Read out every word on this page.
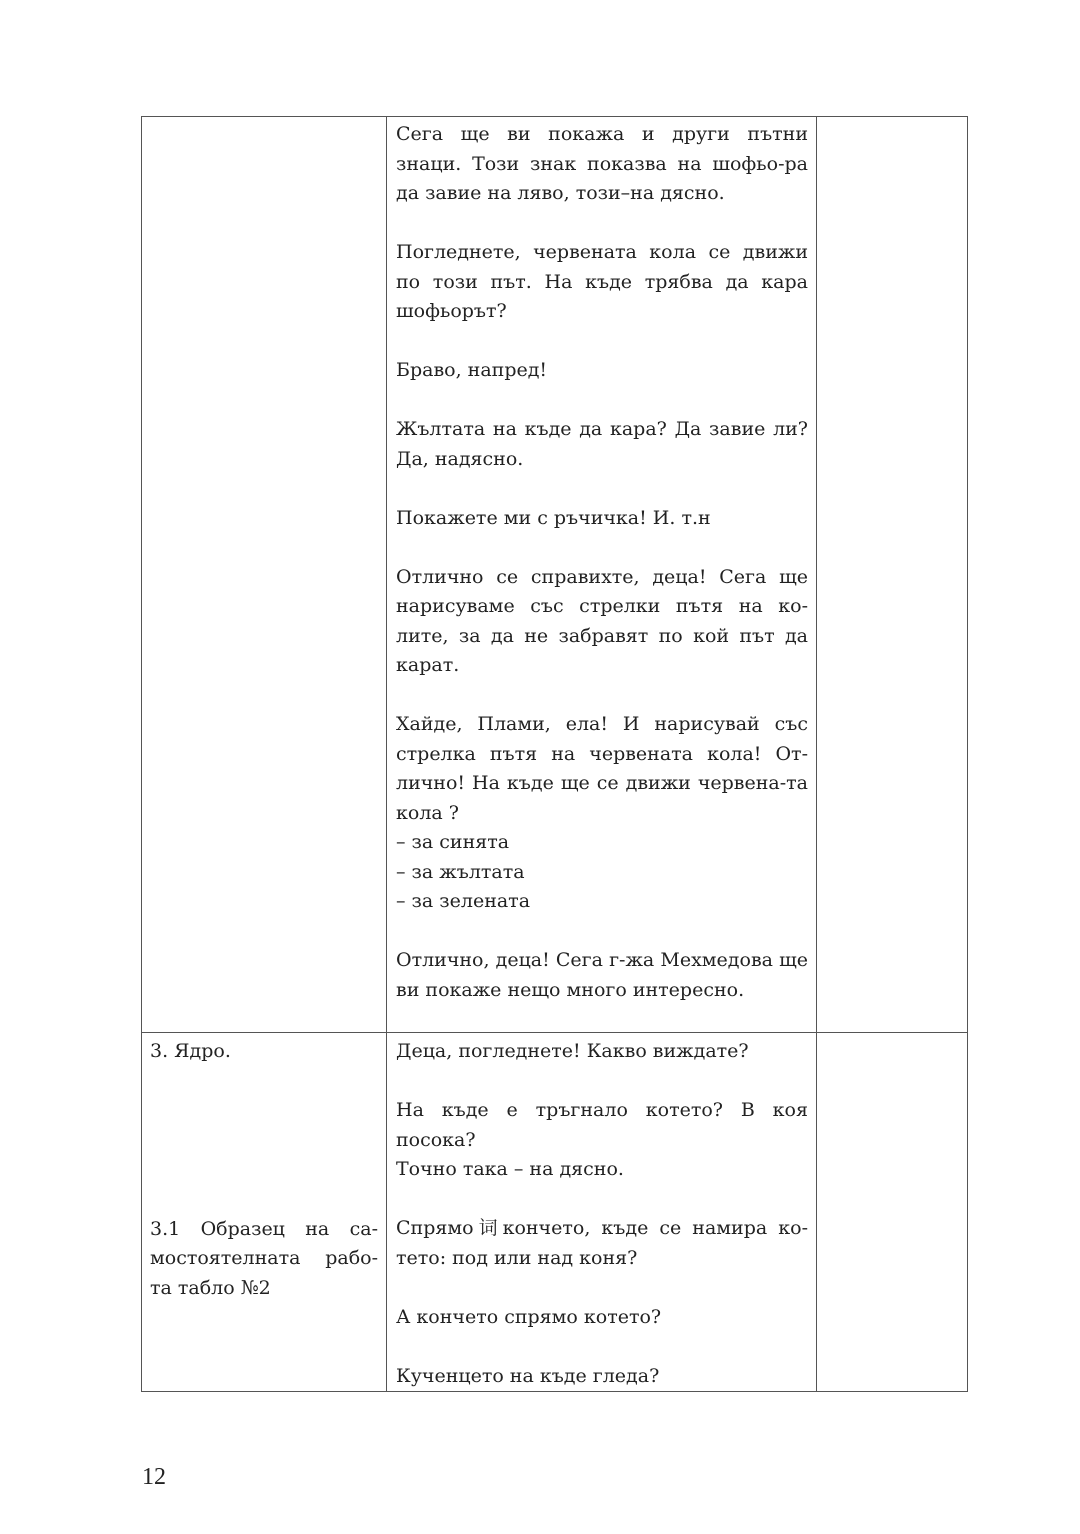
Сега ще ви покажа и други пътни знаци. Този знак показва на шофьо-ра да завие на ляво, този–на дясно.

Погледнете, червената кола се движи по този път. На къде трябва да кара шофьорът?

Браво, напред!

Жълтата на къде да кара? Да завие ли? Да, надясно.

Покажете ми с ръчичка! И. т.н

Отлично се справихте, деца! Сега ще нарисуваме със стрелки пътя на ко-лите, за да не забравят по кой път да карат.

Хайде, Плами, ела! И нарисувай със стрелка пътя на червената кола! От-лично! На къде ще се движи червена-та кола ?

– за синята

– за жълтата

– за зелената

Отлично, деца! Сега г-жа Мехмедова ще ви покаже нещо много интересно.

3. Ядро.

3.1 Образец на са-мостоятелната рабо-та табло №2

Деца, погледнете! Какво виждате?

На къде е тръгнало котето? В коя посока?

Точно така – на дясно.

Спрямо词кончето, къде се намира ко-тето: под или над коня?

А кончето спрямо котето?

Кученцето на къде гледа?

12
